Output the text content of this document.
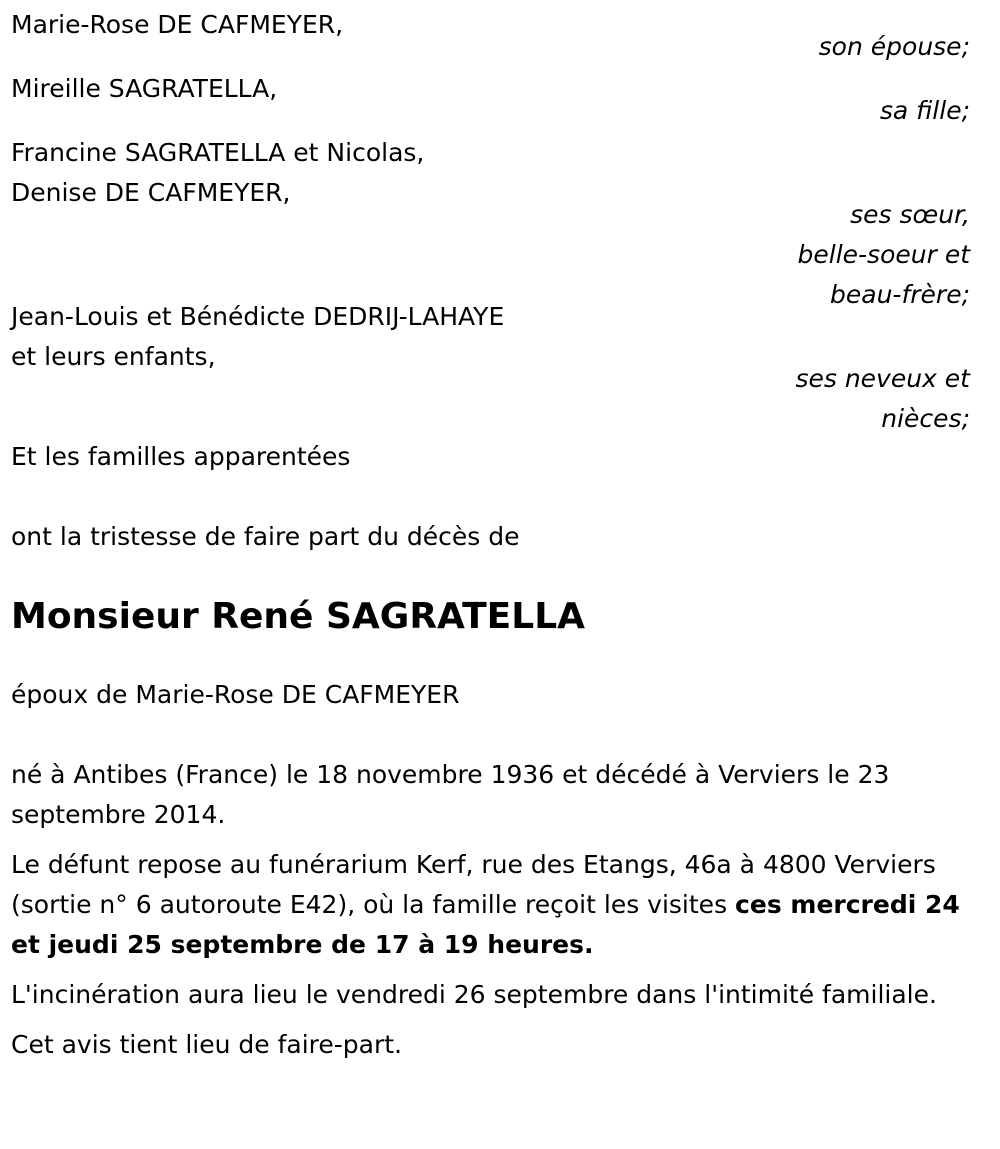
Marie-Rose DE CAFMEYER,

son épouse;

Mireille SAGRATELLA,

sa fille;

Francine SAGRATELLA et Nicolas,

Denise DE CAFMEYER,

ses sœur,

belle-soeur et

beau-frère;

Jean-Louis et Bénédicte DEDRIJ-LAHAYE

et leurs enfants,

ses neveux et

nièces;

Et les familles apparentées

ont la tristesse de faire part du décès de

Monsieur René SAGRATELLA

époux de Marie-Rose DE CAFMEYER

né à Antibes (France) le 18 novembre 1936 et décédé à Verviers le 23 septembre 2014.

Le défunt repose au funérarium Kerf, rue des Etangs, 46a à 4800 Verviers (sortie n° 6 autoroute E42), où la famille reçoit les visites ces mercredi 24 et jeudi 25 septembre de 17 à 19 heures.

L'incinération aura lieu le vendredi 26 septembre dans l'intimité familiale.

Cet avis tient lieu de faire-part.
